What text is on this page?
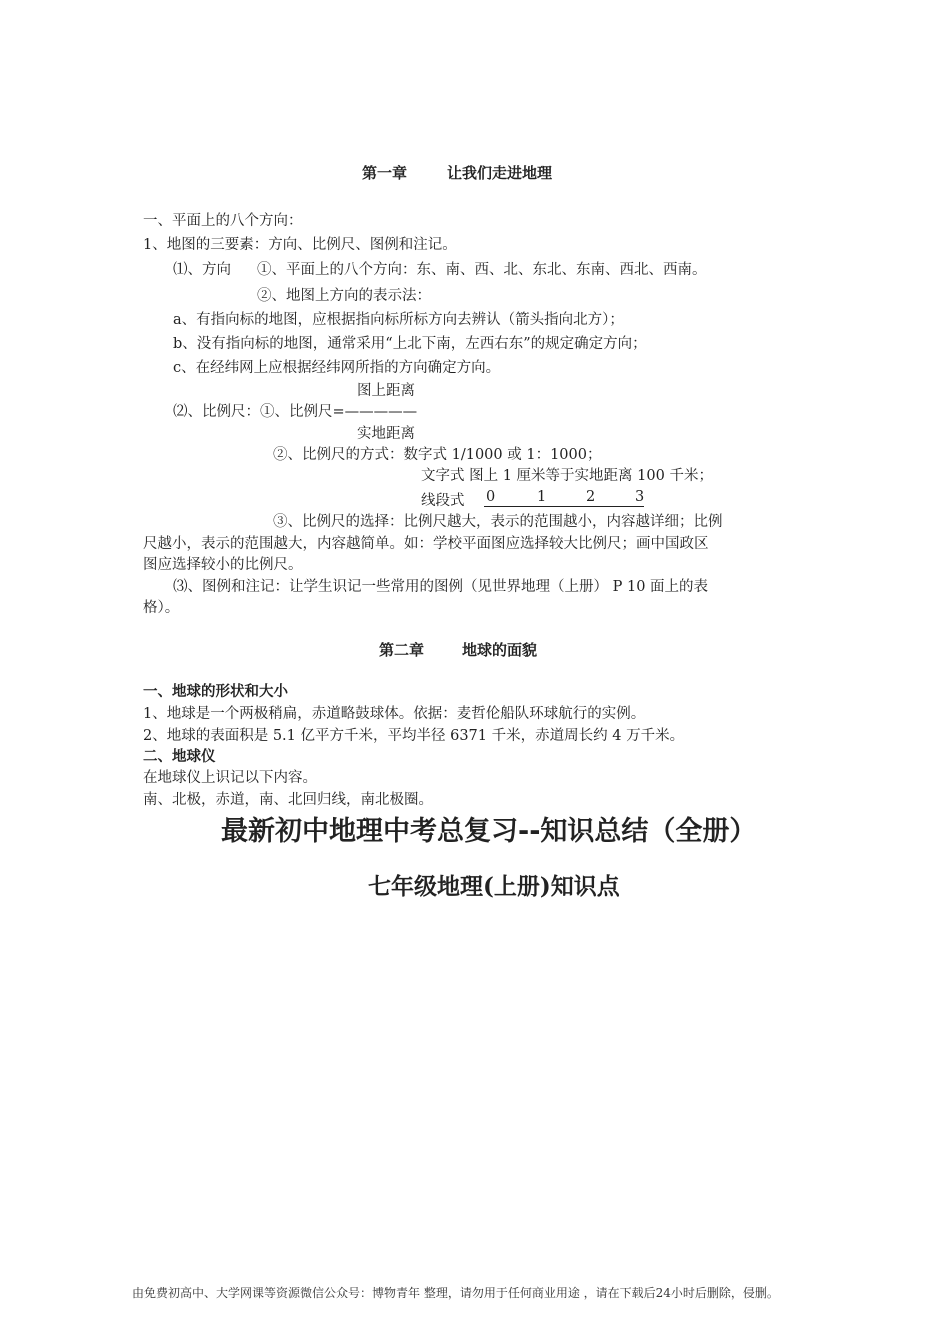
第一章	让我们走进地理
一、平面上的八个方向：
1、地图的三要素：方向、比例尺、图例和注记。
⑴、方向 ①、平面上的八个方向：东、南、西、北、东北、东南、西北、西南。
②、地图上方向的表示法：
a、有指向标的地图，应根据指向标所标方向去辨认（箭头指向北方）；
b、没有指向标的地图，通常采用“上北下南，左西右东”的规定确定方向；
c、在经纬网上应根据经纬网所指的方向确定方向。
图上距离
⑵、比例尺：①、比例尺=—————
实地距离
②、比例尺的方式：数字式 1/1000 或 1：1000；
文字式 图上 1 厘米等于实地距离 100 千米；
线段式 0	1	2	3
③、比例尺的选择：比例尺越大，表示的范围越小，内容越详细；比例
尺越小，表示的范围越大，内容越简单。如：学校平面图应选择较大比例尺；画中国政区
图应选择较小的比例尺。
⑶、图例和注记：让学生识记一些常用的图例（见世界地理（上册） P 10 面上的表
格）。
第二章	地球的面貌
一、地球的形状和大小
1、地球是一个两极稍扁，赤道略鼓球体。依据：麦哲伦船队环球航行的实例。
2、地球的表面积是 5.1 亿平方千米，平均半径 6371 千米，赤道周长约 4 万千米。
二、地球仪
在地球仪上识记以下内容。
南、北极，赤道，南、北回归线，南北极圈。
最新初中地理中考总复习--知识总结（全册）
七年级地理(上册)知识点
由免费初高中、大学网课等资源微信公众号：博物青年 整理，请勿用于任何商业用途 ，请在下载后24小时后删除，侵删。
